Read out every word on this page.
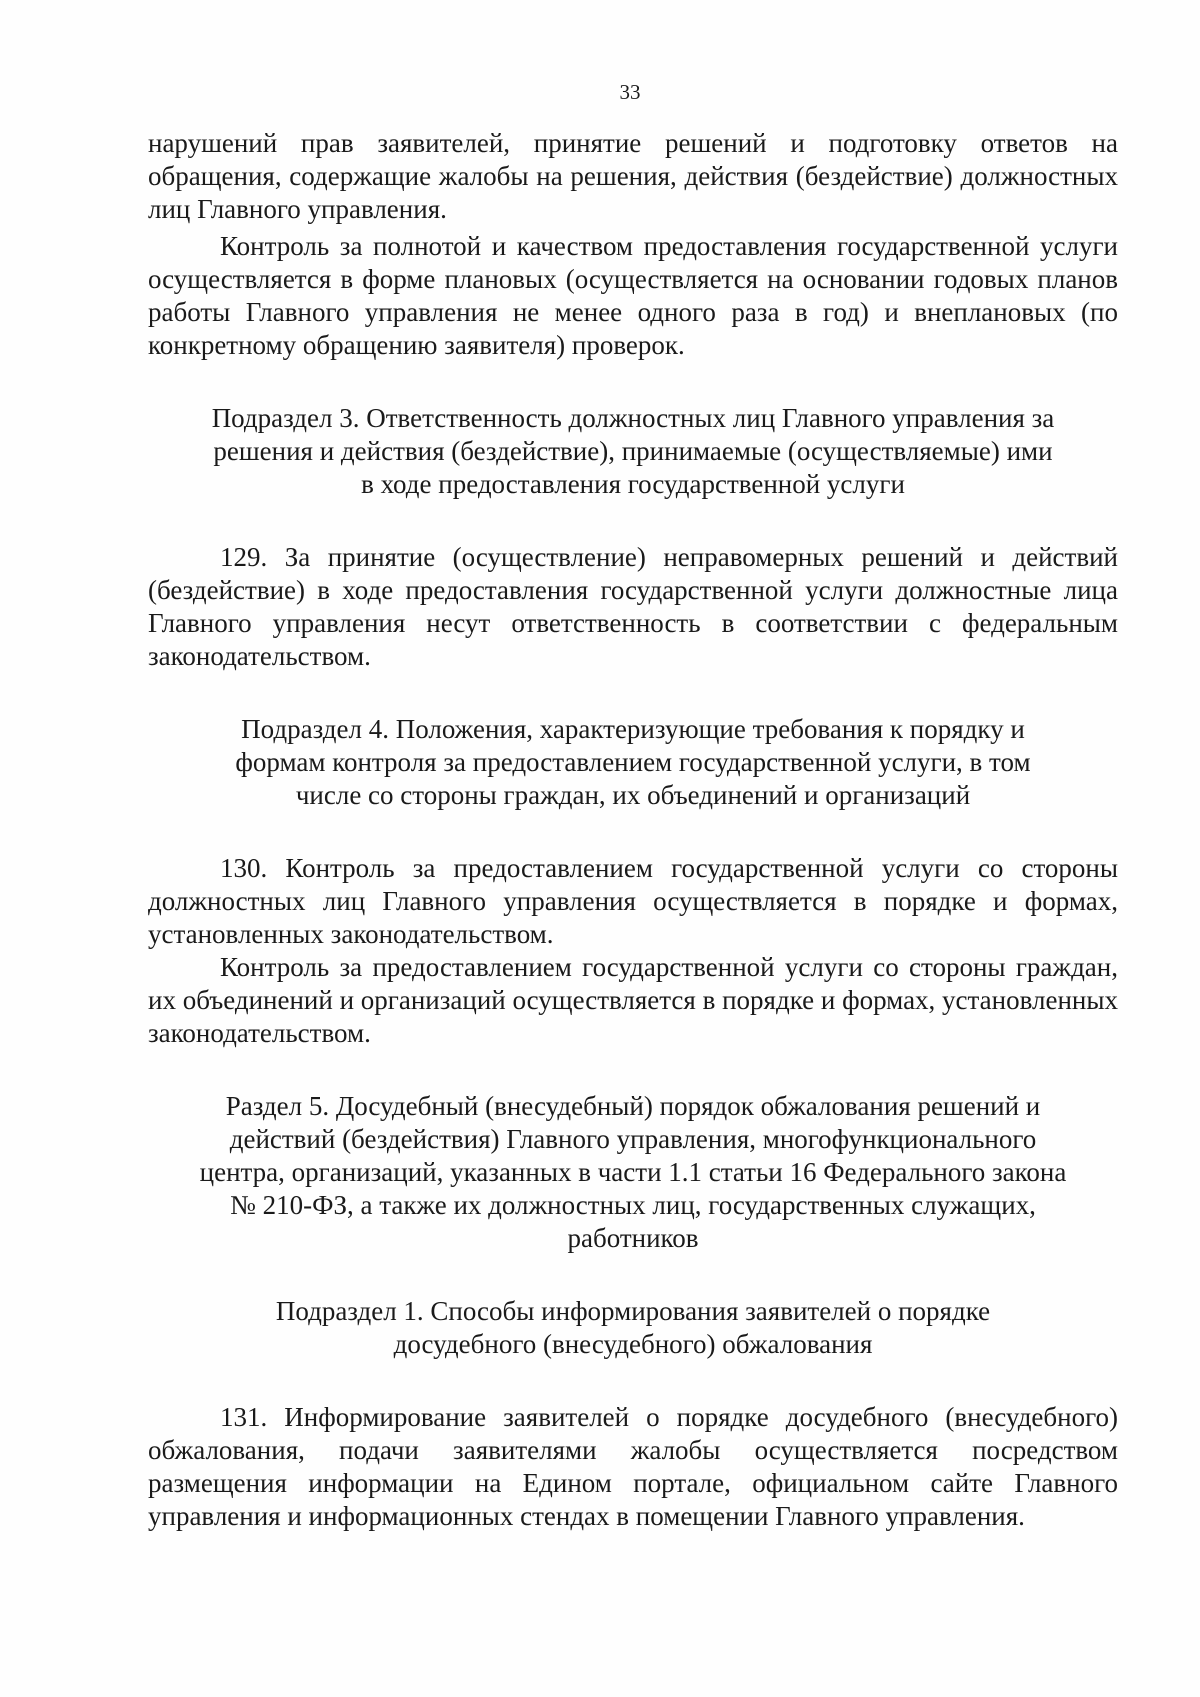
33

нарушений прав заявителей, принятие решений и подготовку ответов на обращения, содержащие жалобы на решения, действия (бездействие) должностных лиц Главного управления.

Контроль за полнотой и качеством предоставления государственной услуги осуществляется в форме плановых (осуществляется на основании годовых планов работы Главного управления не менее одного раза в год) и внеплановых (по конкретному обращению заявителя) проверок.

Подраздел 3. Ответственность должностных лиц Главного управления за решения и действия (бездействие), принимаемые (осуществляемые) ими в ходе предоставления государственной услуги

129. За принятие (осуществление) неправомерных решений и действий (бездействие) в ходе предоставления государственной услуги должностные лица Главного управления несут ответственность в соответствии с федеральным законодательством.

Подраздел 4. Положения, характеризующие требования к порядку и формам контроля за предоставлением государственной услуги, в том числе со стороны граждан, их объединений и организаций

130. Контроль за предоставлением государственной услуги со стороны должностных лиц Главного управления осуществляется в порядке и формах, установленных законодательством.

Контроль за предоставлением государственной услуги со стороны граждан, их объединений и организаций осуществляется в порядке и формах, установленных законодательством.

Раздел 5. Досудебный (внесудебный) порядок обжалования решений и действий (бездействия) Главного управления, многофункционального центра, организаций, указанных в части 1.1 статьи 16 Федерального закона № 210-ФЗ, а также их должностных лиц, государственных служащих, работников

Подраздел 1. Способы информирования заявителей о порядке досудебного (внесудебного) обжалования

131. Информирование заявителей о порядке досудебного (внесудебного) обжалования, подачи заявителями жалобы осуществляется посредством размещения информации на Едином портале, официальном сайте Главного управления и информационных стендах в помещении Главного управления.
